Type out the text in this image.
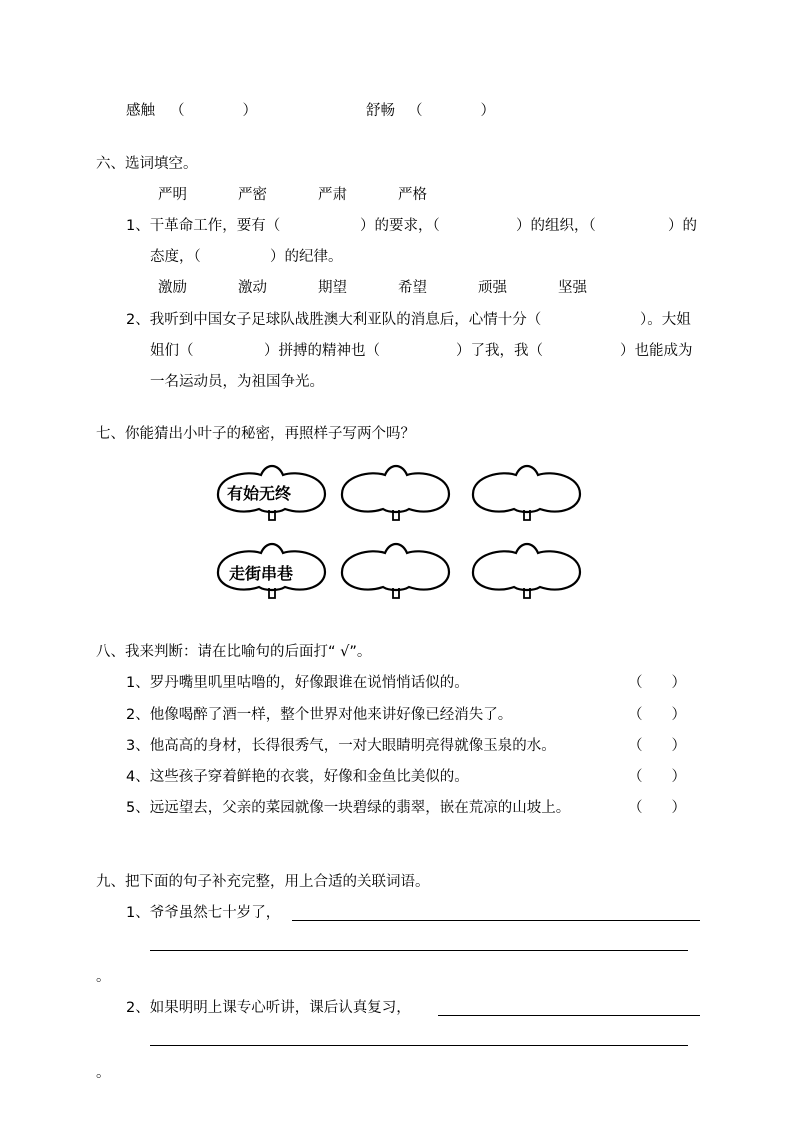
感触 （　　　　）	舒畅 （　　　　）
六、选词填空。
严明	严密	严肃	严格
1、干革命工作，要有（	）的要求，（	）的组织，（	）的
态度，（	）的纪律。
激励	激动	期望	希望	顽强	坚强
2、我听到中国女子足球队战胜澳大利亚队的消息后，心情十分（	）。大姐
姐们（	）拼搏的精神也（	）了我，我（	）也能成为
一名运动员，为祖国争光。
七、你能猜出小叶子的秘密，再照样子写两个吗？
有始无终
走街串巷
八、我来判断：请在比喻句的后面打“ √”。
1、罗丹嘴里叽里咕噜的，好像跟谁在说悄悄话似的。	（　　）
2、他像喝醉了酒一样，整个世界对他来讲好像已经消失了。	（　　）
3、他高高的身材，长得很秀气，一对大眼睛明亮得就像玉泉的水。	（　　）
4、这些孩子穿着鲜艳的衣裳，好像和金鱼比美似的。	（　　）
5、远远望去，父亲的菜园就像一块碧绿的翡翠，嵌在荒凉的山坡上。	（　　）
九、把下面的句子补充完整，用上合适的关联词语。
1、爷爷虽然七十岁了，
。
2、如果明明上课专心听讲，课后认真复习，
。
